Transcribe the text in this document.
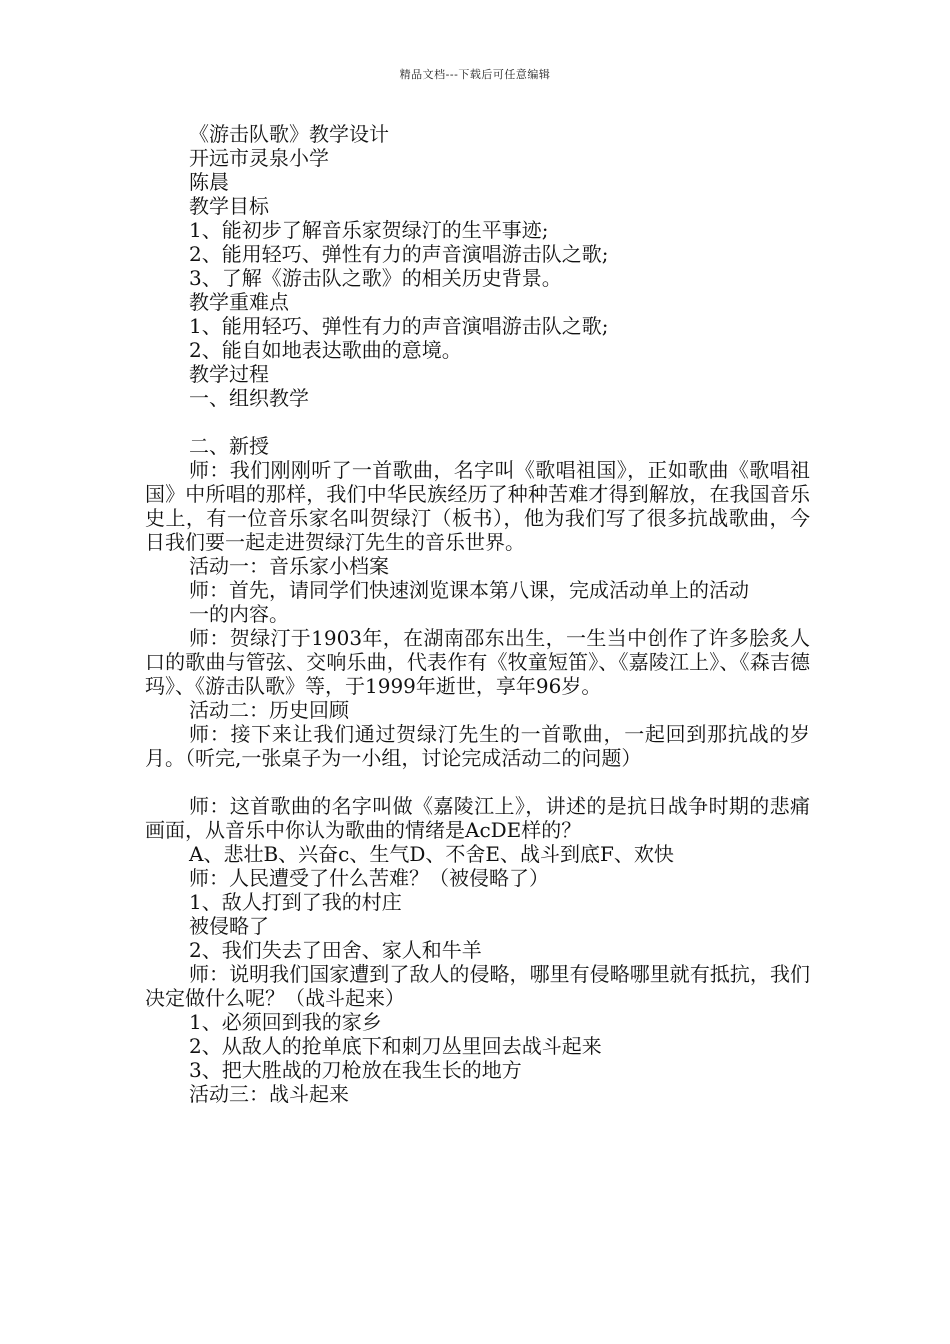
精品文档---下载后可任意编辑

《游击队歌》教学设计

开远市灵泉小学

陈晨

教学目标

1、能初步了解音乐家贺绿汀的生平事迹;

2、能用轻巧、弹性有力的声音演唱游击队之歌;

3、了解《游击队之歌》的相关历史背景。

教学重难点

1、能用轻巧、弹性有力的声音演唱游击队之歌;

2、能自如地表达歌曲的意境。

教学过程

一、组织教学

二、新授

师：我们刚刚听了一首歌曲，名字叫《歌唱祖国》，正如歌曲《歌唱祖国》中所唱的那样，我们中华民族经历了种种苦难才得到解放，在我国音乐史上，有一位音乐家名叫贺绿汀（板书），他为我们写了很多抗战歌曲，今日我们要一起走进贺绿汀先生的音乐世界。

活动一：音乐家小档案

师：首先，请同学们快速浏览课本第八课，完成活动单上的活动

一的内容。

师：贺绿汀于1903年，在湖南邵东出生，一生当中创作了许多脍炙人口的歌曲与管弦、交响乐曲，代表作有《牧童短笛》、《嘉陵江上》、《森吉德玛》、《游击队歌》等，于1999年逝世，享年96岁。

活动二：历史回顾

师：接下来让我们通过贺绿汀先生的一首歌曲，一起回到那抗战的岁月。（听完,一张桌子为一小组，讨论完成活动二的问题）

师：这首歌曲的名字叫做《嘉陵江上》，讲述的是抗日战争时期的悲痛画面，从音乐中你认为歌曲的情绪是AcDE样的？

A、悲壮B、兴奋c、生气D、不舍E、战斗到底F、欢快

师：人民遭受了什么苦难？（被侵略了）

1、敌人打到了我的村庄

被侵略了

2、我们失去了田舍、家人和牛羊

师：说明我们国家遭到了敌人的侵略，哪里有侵略哪里就有抵抗，我们决定做什么呢？（战斗起来）

1、必须回到我的家乡

2、从敌人的抢单底下和刺刀丛里回去战斗起来

3、把大胜战的刀枪放在我生长的地方

活动三：战斗起来
